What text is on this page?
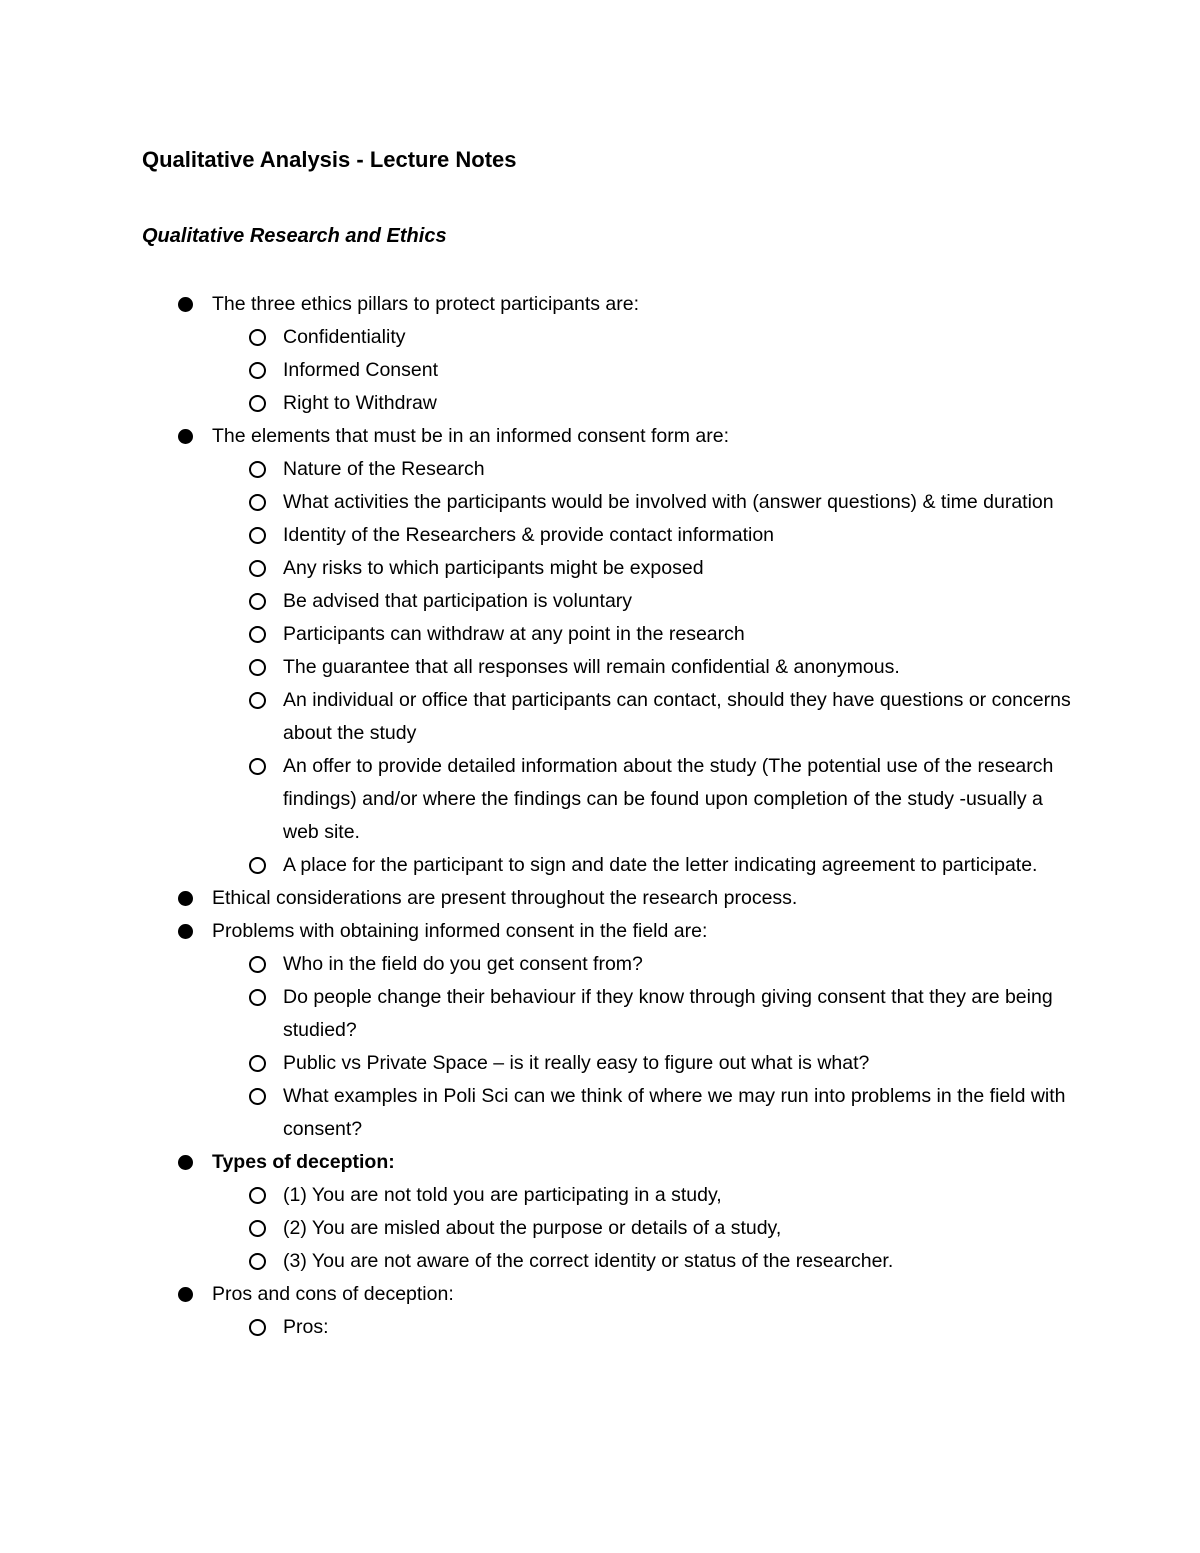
Qualitative Analysis - Lecture Notes
Qualitative Research and Ethics
The three ethics pillars to protect participants are:
Confidentiality
Informed Consent
Right to Withdraw
The elements that must be in an informed consent form are:
Nature of the Research
What activities the participants would be involved with (answer questions) & time duration
Identity of the Researchers & provide contact information
Any risks to which participants might be exposed
Be advised that participation is voluntary
Participants can withdraw at any point in the research
The guarantee that all responses will remain confidential & anonymous.
An individual or office that participants can contact, should they have questions or concerns about the study
An offer to provide detailed information about the study (The potential use of the research findings) and/or where the findings can be found upon completion of the study -usually a web site.
A place for the participant to sign and date the letter indicating agreement to participate.
Ethical considerations are present throughout the research process.
Problems with obtaining informed consent in the field are:
Who in the field do you get consent from?
Do people change their behaviour if they know through giving consent that they are being studied?
Public vs Private Space – is it really easy to figure out what is what?
What examples in Poli Sci can we think of where we may run into problems in the field with consent?
Types of deception:
(1) You are not told you are participating in a study,
(2) You are misled about the purpose or details of a study,
(3) You are not aware of the correct identity or status of the researcher.
Pros and cons of deception:
Pros:
